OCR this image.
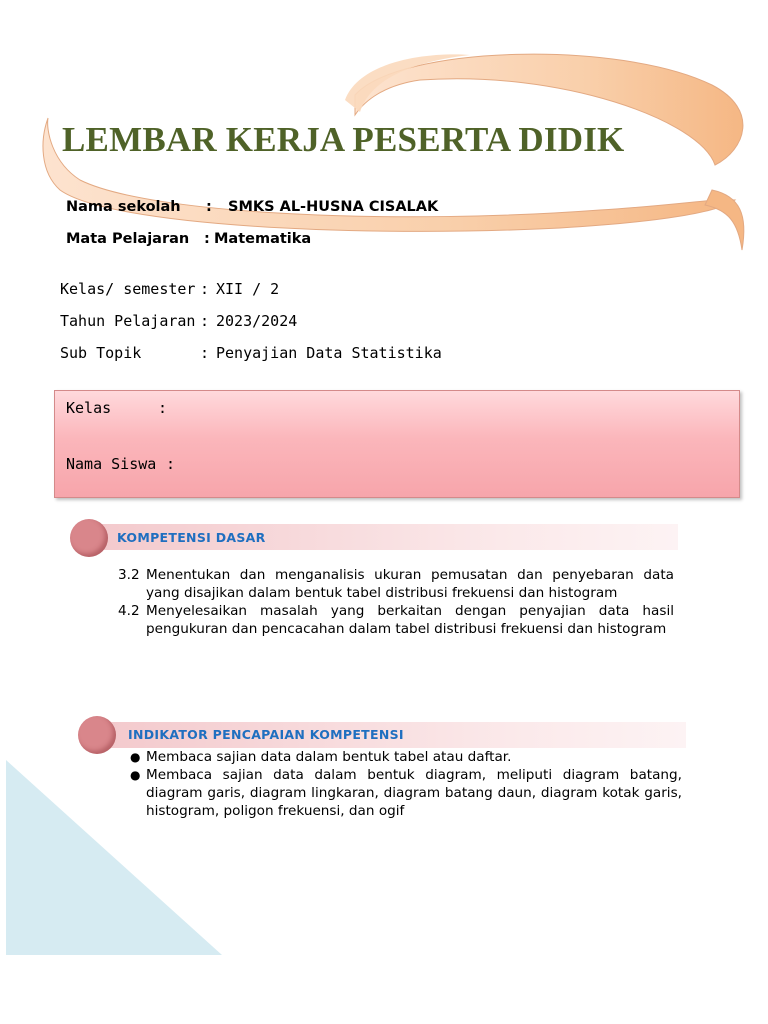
LEMBAR KERJA PESERTA DIDIK
Nama sekolah : SMKS AL-HUSNA CISALAK
Mata Pelajaran : Matematika
Kelas/ semester : XII / 2
Tahun Pelajaran : 2023/2024
Sub Topik	: Penyajian Data Statistika
Kelas	:
Nama Siswa :
KOMPETENSI DASAR
3.2 Menentukan dan menganalisis ukuran pemusatan dan penyebaran data yang disajikan dalam bentuk tabel distribusi frekuensi dan histogram
4.2 Menyelesaikan masalah yang berkaitan dengan penyajian data hasil pengukuran dan pencacahan dalam tabel distribusi frekuensi dan histogram
INDIKATOR PENCAPAIAN KOMPETENSI
● Membaca sajian data dalam bentuk tabel atau daftar.
● Membaca sajian data dalam bentuk diagram, meliputi diagram batang, diagram garis, diagram lingkaran, diagram batang daun, diagram kotak garis, histogram, poligon frekuensi, dan ogif
